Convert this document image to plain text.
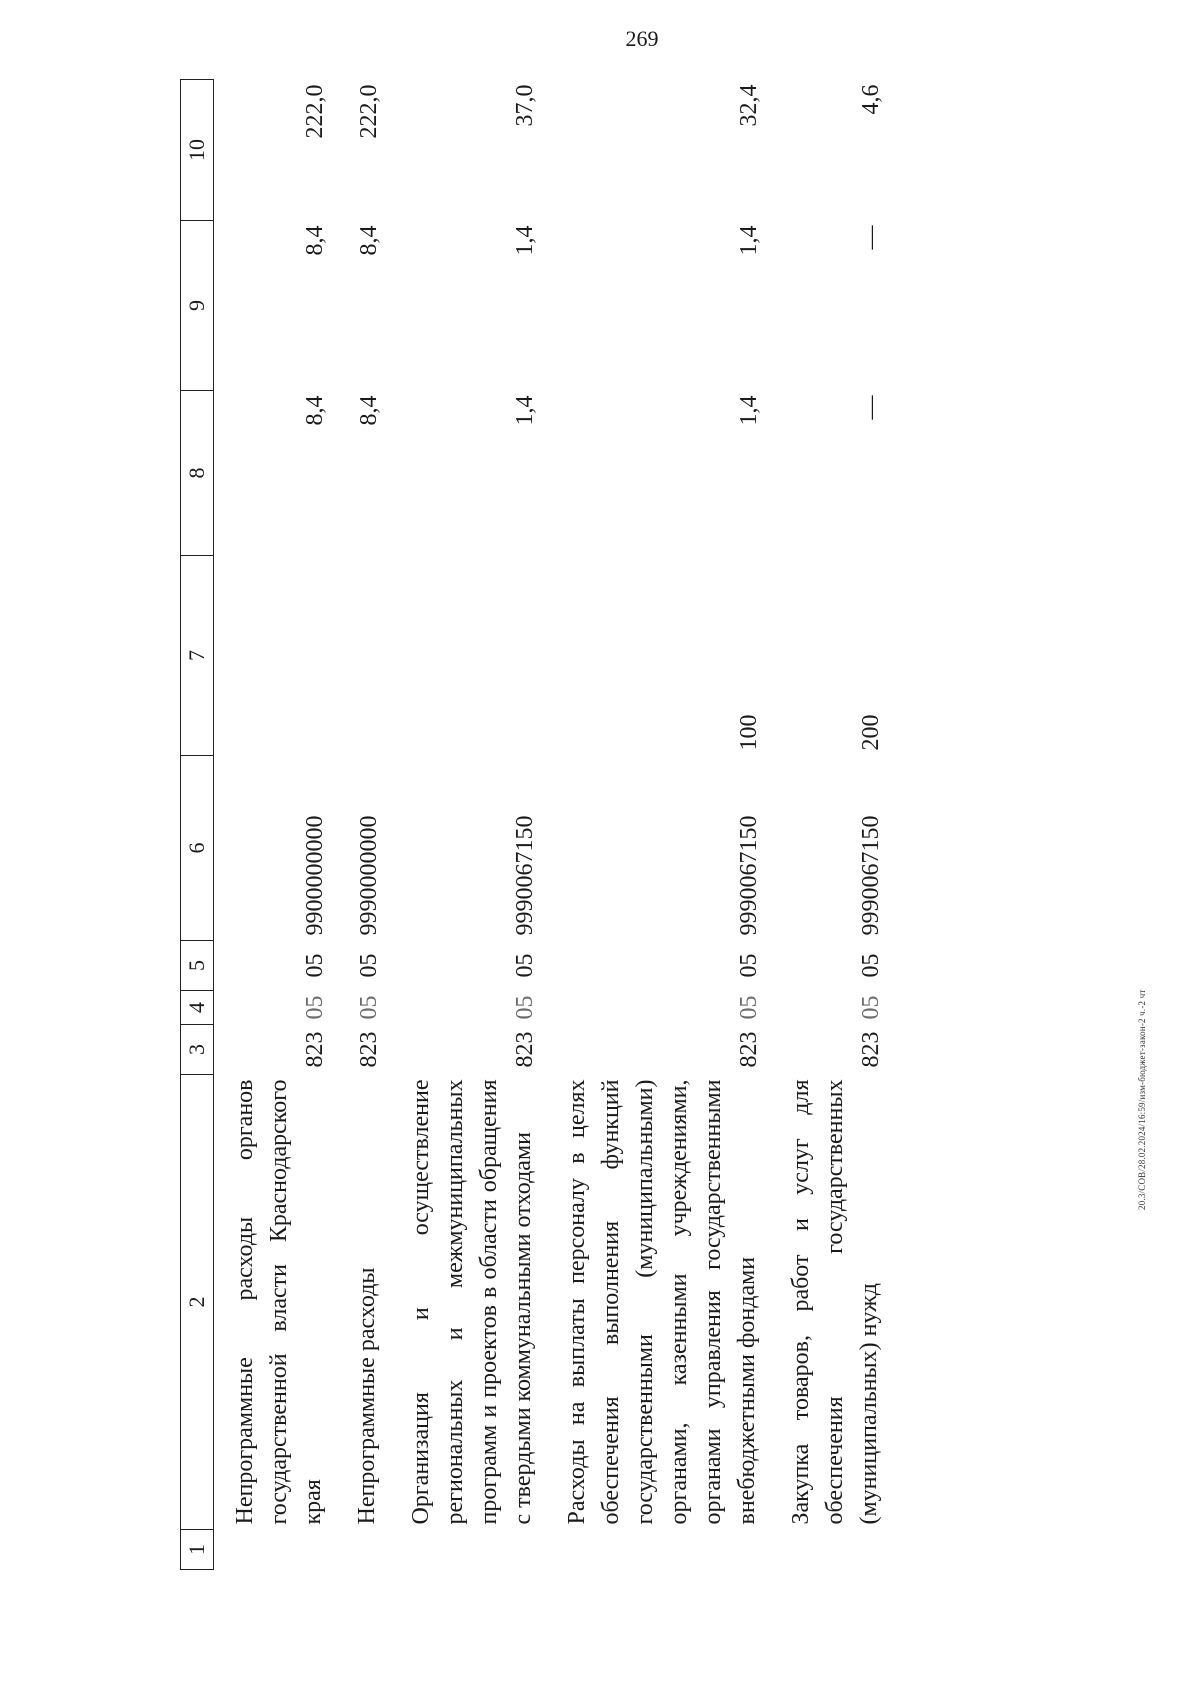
269
20.3/СОВ/28.02.2024/16:59/изм-бюджет-закон-2 ч.-2 чт
1	2	3	4	5	6	7	8	9	10
	Непрограммные расходы органов государственной власти Краснодарского края	823	05	05	9900000000		8,4	8,4	222,0
	Непрограммные расходы	823	05	05	9990000000		8,4	8,4	222,0
	Организация и осуществление региональных и межмуниципальных программ и проектов в области обращения с твердыми коммунальными отходами	823	05	05	9990067150		1,4	1,4	37,0
	Расходы на выплаты персоналу в целях обеспечения выполнения функций государственными (муниципальными) органами, казенными учреждениями, органами управления государственными внебюджетными фондами	823	05	05	9990067150	100	1,4	1,4	32,4
	Закупка товаров, работ и услуг для обеспечения государственных (муниципальных) нужд	823	05	05	9990067150	200	—	—	4,6
